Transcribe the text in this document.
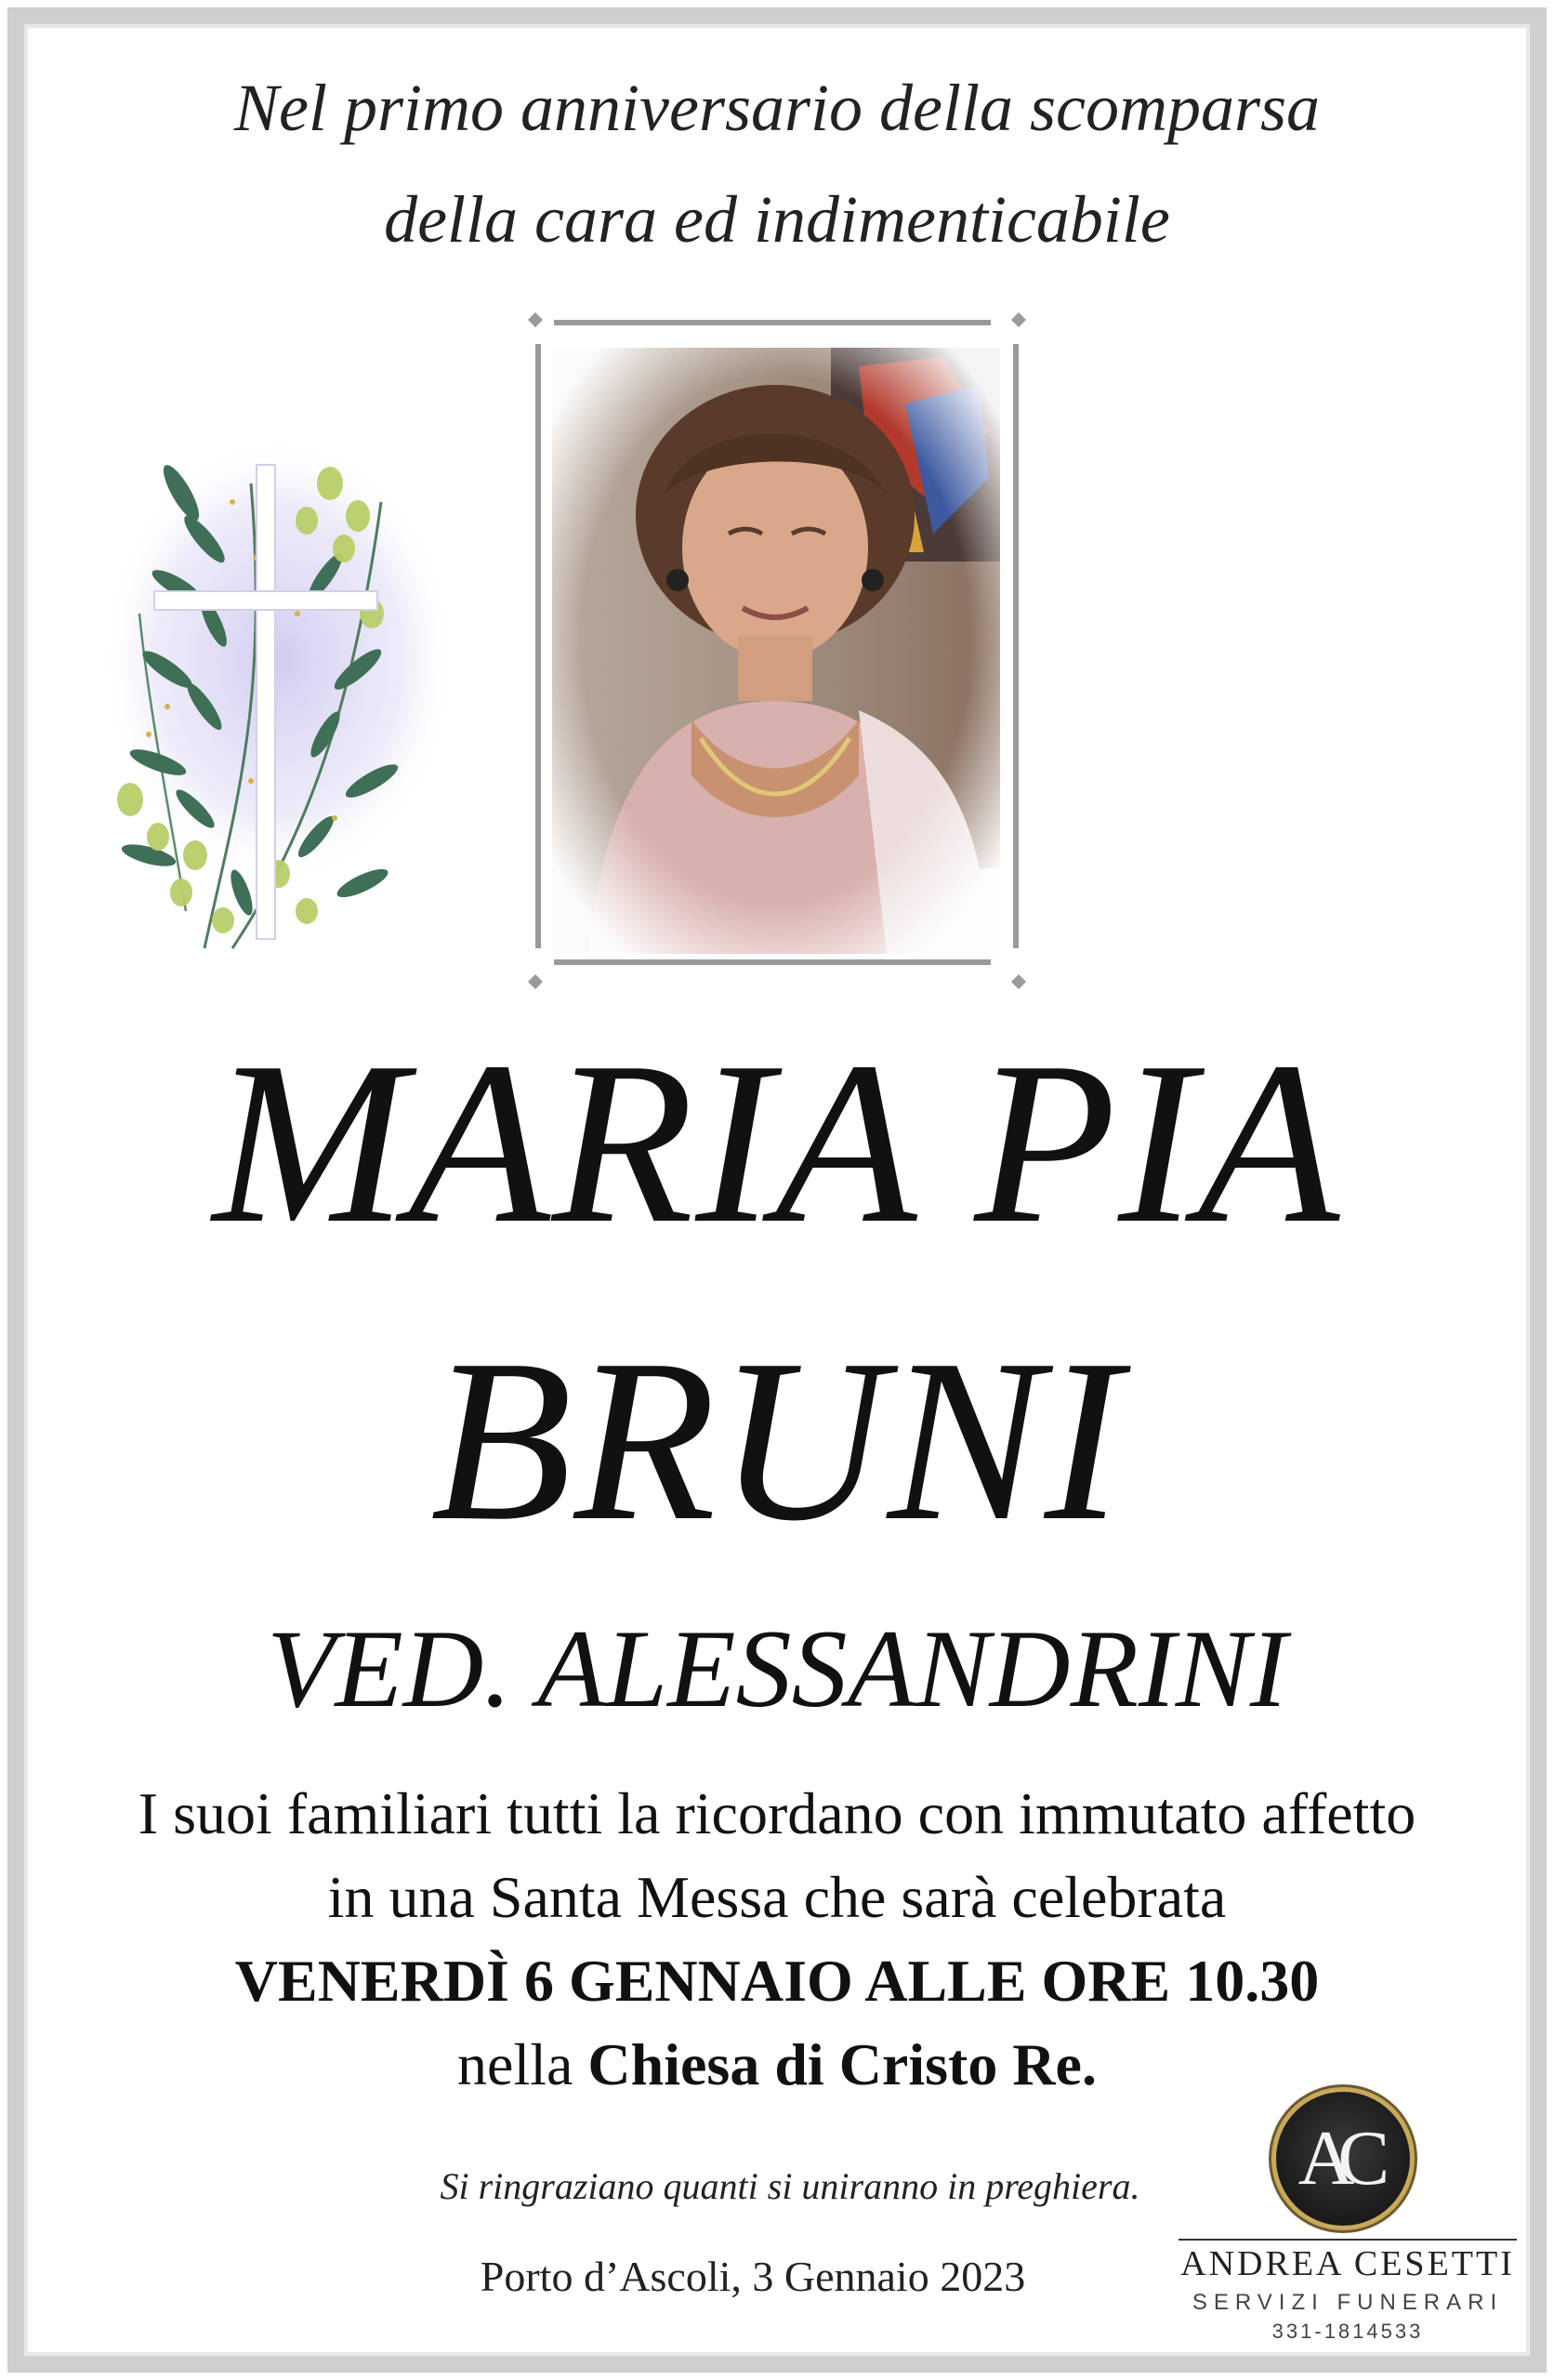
Nel primo anniversario della scomparsa
della cara ed indimenticabile
MARIA PIA
BRUNI
VED. ALESSANDRINI
I suoi familiari tutti la ricordano con immutato affetto
in una Santa Messa che sarà celebrata
VENERDÌ 6 GENNAIO ALLE ORE 10.30
nella Chiesa di Cristo Re.
Si ringraziano quanti si uniranno in preghiera.
Porto d’Ascoli, 3 Gennaio 2023
AC
ANDREA CESETTI
SERVIZI FUNERARI
331-1814533
